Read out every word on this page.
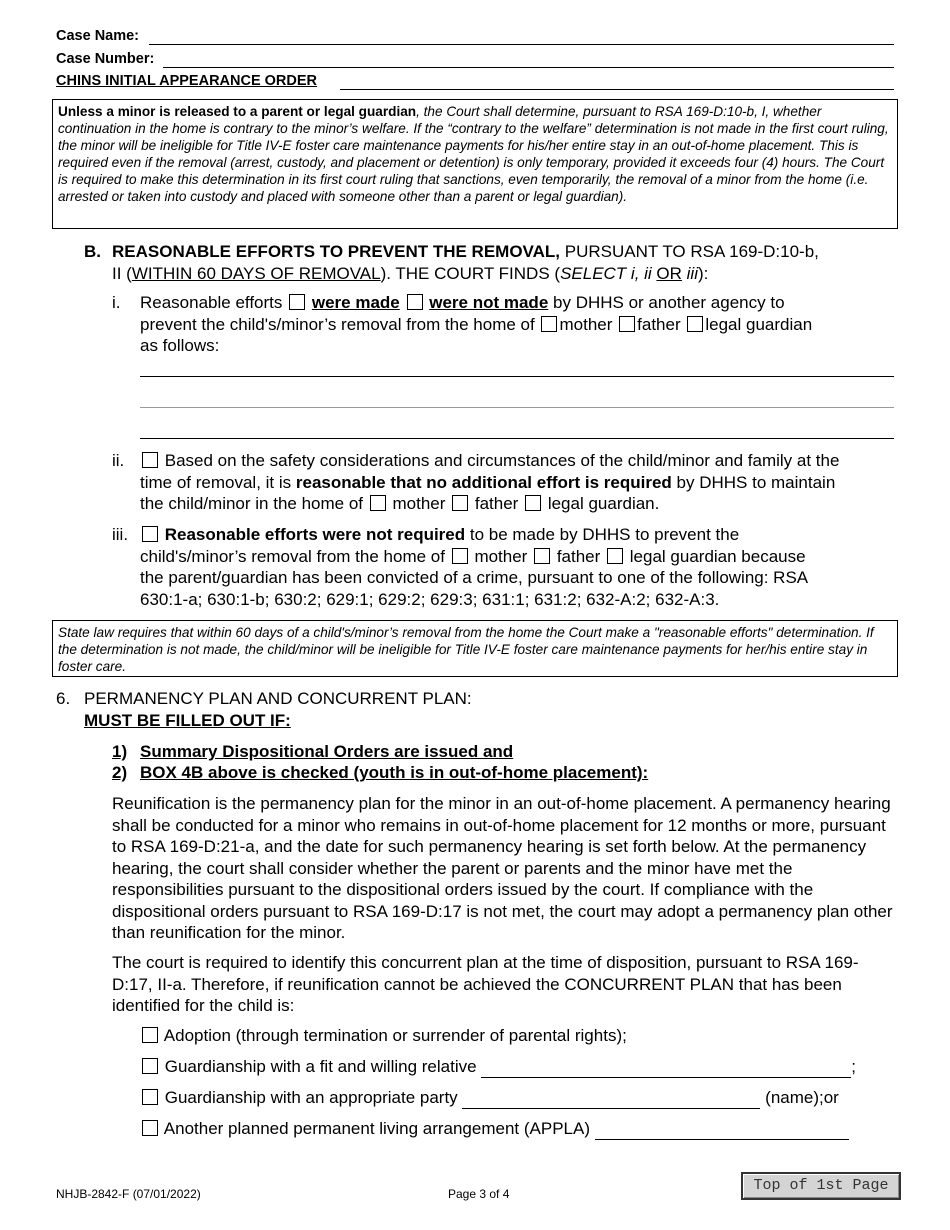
Case Name:
Case Number:
CHINS INITIAL APPEARANCE ORDER
Unless a minor is released to a parent or legal guardian, the Court shall determine, pursuant to RSA 169-D:10-b, I, whether continuation in the home is contrary to the minor’s welfare. If the “contrary to the welfare” determination is not made in the first court ruling, the minor will be ineligible for Title IV-E foster care maintenance payments for his/her entire stay in an out-of-home placement. This is required even if the removal (arrest, custody, and placement or detention) is only temporary, provided it exceeds four (4) hours. The Court is required to make this determination in its first court ruling that sanctions, even temporarily, the removal of a minor from the home (i.e. arrested or taken into custody and placed with someone other than a parent or legal guardian).
B. REASONABLE EFFORTS TO PREVENT THE REMOVAL, PURSUANT TO RSA 169-D:10-b,
II (WITHIN 60 DAYS OF REMOVAL). THE COURT FINDS (SELECT i, ii OR iii):
i. Reasonable efforts were made were not made by DHHS or another agency to
prevent the child's/minor’s removal from the home of mother father legal guardian
as follows:
ii.	Based on the safety considerations and circumstances of the child/minor and family at the
time of removal, it is reasonable that no additional effort is required by DHHS to maintain
the child/minor in the home of mother father legal guardian.
iii.	Reasonable efforts were not required to be made by DHHS to prevent the
child's/minor’s removal from the home of mother father legal guardian because
the parent/guardian has been convicted of a crime, pursuant to one of the following: RSA
630:1-a; 630:1-b; 630:2; 629:1; 629:2; 629:3; 631:1; 631:2; 632-A:2; 632-A:3.
State law requires that within 60 days of a child's/minor’s removal from the home the Court make a "reasonable efforts" determination. If the determination is not made, the child/minor will be ineligible for Title IV-E foster care maintenance payments for her/his entire stay in foster care.
6. PERMANENCY PLAN AND CONCURRENT PLAN:
MUST BE FILLED OUT IF:
1) Summary Dispositional Orders are issued and
2) BOX 4B above is checked (youth is in out-of-home placement):
Reunification is the permanency plan for the minor in an out-of-home placement. A permanency hearing shall be conducted for a minor who remains in out-of-home placement for 12 months or more, pursuant to RSA 169-D:21-a, and the date for such permanency hearing is set forth below. At the permanency hearing, the court shall consider whether the parent or parents and the minor have met the responsibilities pursuant to the dispositional orders issued by the court. If compliance with the dispositional orders pursuant to RSA 169-D:17 is not met, the court may adopt a permanency plan other than reunification for the minor.
The court is required to identify this concurrent plan at the time of disposition, pursuant to RSA 169-D:17, II-a. Therefore, if reunification cannot be achieved the CONCURRENT PLAN that has been identified for the child is:
Adoption (through termination or surrender of parental rights);
Guardianship with a fit and willing relative	;
Guardianship with an appropriate party	(name);or
Another planned permanent living arrangement (APPLA)
NHJB-2842-F (07/01/2022)	Page 3 of 4	Top of 1st Page
